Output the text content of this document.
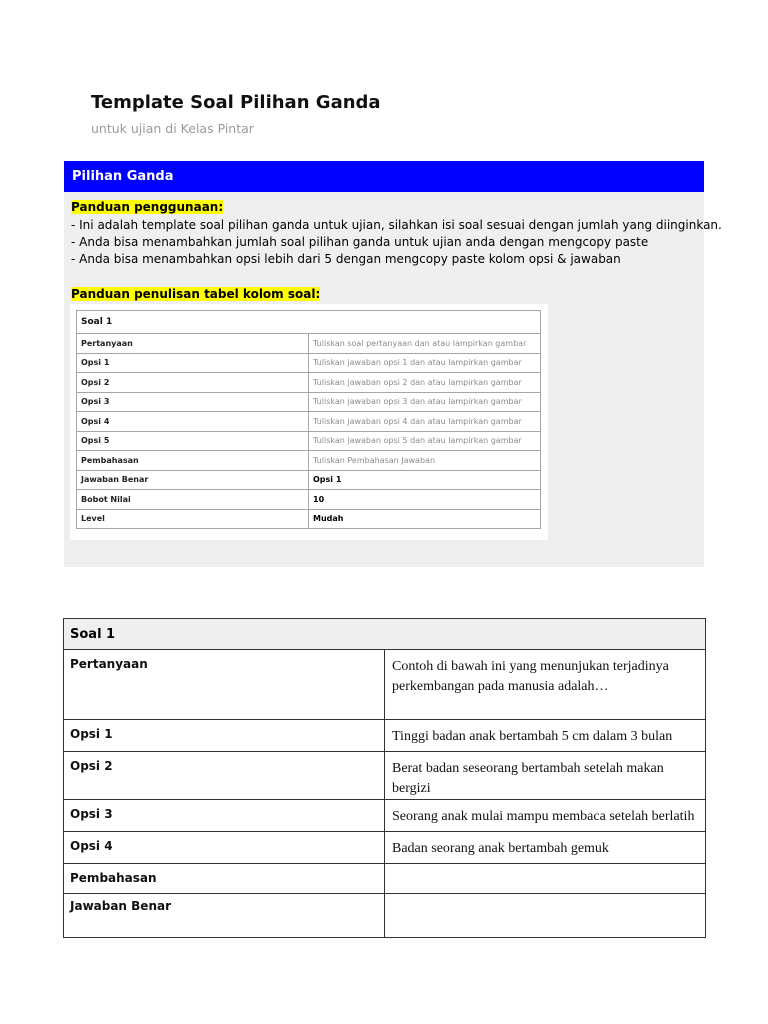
Template Soal Pilihan Ganda
untuk ujian di Kelas Pintar
Pilihan Ganda
Panduan penggunaan:
- Ini adalah template soal pilihan ganda untuk ujian, silahkan isi soal sesuai dengan jumlah yang diinginkan.
- Anda bisa menambahkan jumlah soal pilihan ganda untuk ujian anda dengan mengcopy paste
- Anda bisa menambahkan opsi lebih dari 5 dengan mengcopy paste kolom opsi & jawaban
Panduan penulisan tabel kolom soal:
Soal 1	
Pertanyaan	Tuliskan soal pertanyaan dan atau lampirkan gambar
Opsi 1	Tuliskan jawaban opsi 1 dan atau lampirkan gambar
Opsi 2	Tuliskan jawaban opsi 2 dan atau lampirkan gambar
Opsi 3	Tuliskan jawaban opsi 3 dan atau lampirkan gambar
Opsi 4	Tuliskan jawaban opsi 4 dan atau lampirkan gambar
Opsi 5	Tuliskan jawaban opsi 5 dan atau lampirkan gambar
Pembahasan	Tuliskan Pembahasan Jawaban
Jawaban Benar	Opsi 1
Bobot Nilai	10
Level	Mudah
Soal 1	
Pertanyaan	Contoh di bawah ini yang menunjukan terjadinya perkembangan pada manusia adalah…
Opsi 1	Tinggi badan anak bertambah 5 cm dalam 3 bulan
Opsi 2	Berat badan seseorang bertambah setelah makan bergizi
Opsi 3	Seorang anak mulai mampu membaca setelah berlatih
Opsi 4	Badan seorang anak bertambah gemuk
Pembahasan	
Jawaban Benar	
